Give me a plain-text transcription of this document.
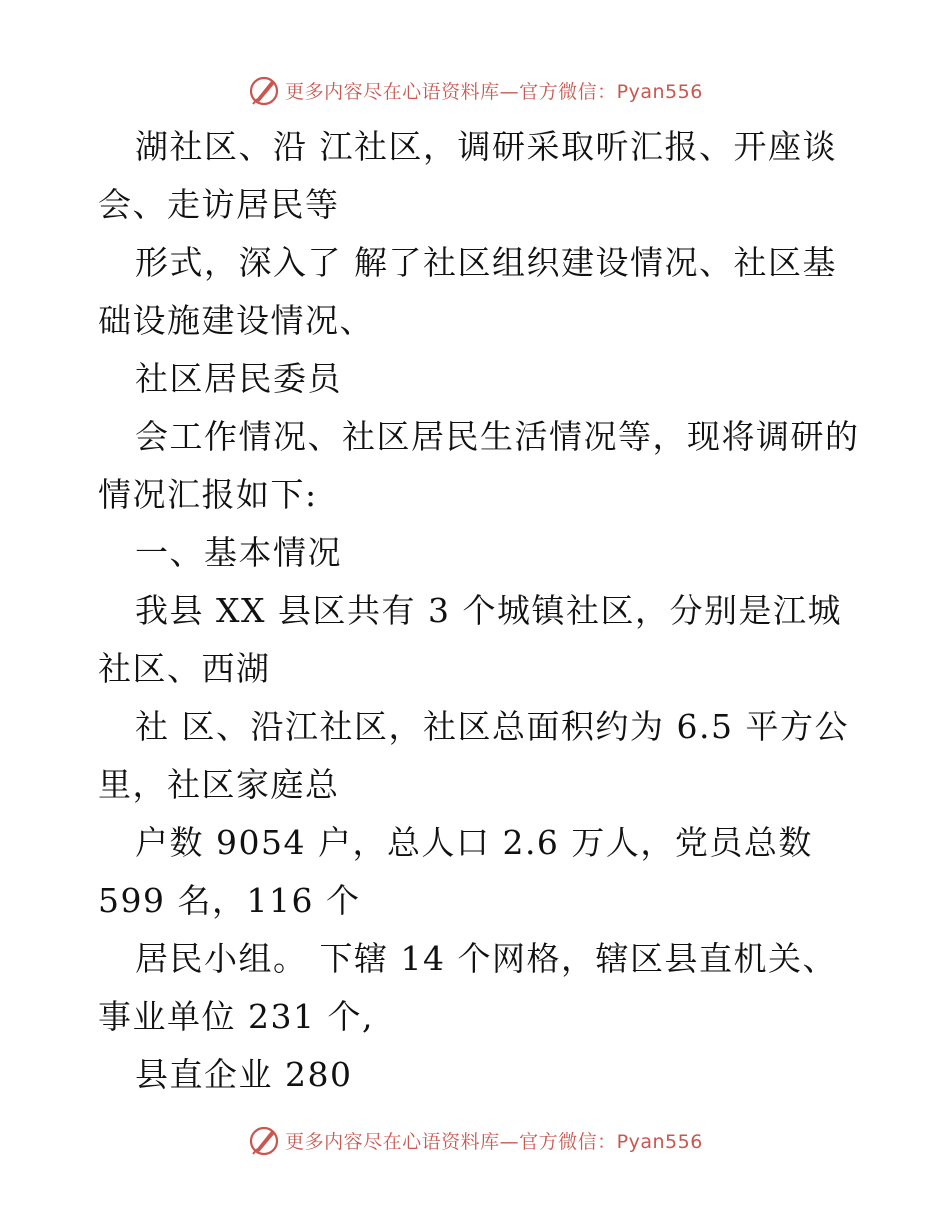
更多内容尽在心语资料库—官方微信：Pyan556
湖社区、沿 江社区，调研采取听汇报、开座谈
会、走访居民等
形式，深入了 解了社区组织建设情况、社区基
础设施建设情况、
社区居民委员
会工作情况、社区居民生活情况等，现将调研的
情况汇报如下:
一、基本情况
我县 XX 县区共有 3 个城镇社区，分别是江城
社区、西湖
社 区、沿江社区，社区总面积约为 6.5 平方公
里，社区家庭总
户数 9054 户，总人口 2.6 万人，党员总数
599 名，116 个
居民小组。 下辖 14 个网格，辖区县直机关、
事业单位 231 个,
县直企业 280
更多内容尽在心语资料库—官方微信：Pyan556
